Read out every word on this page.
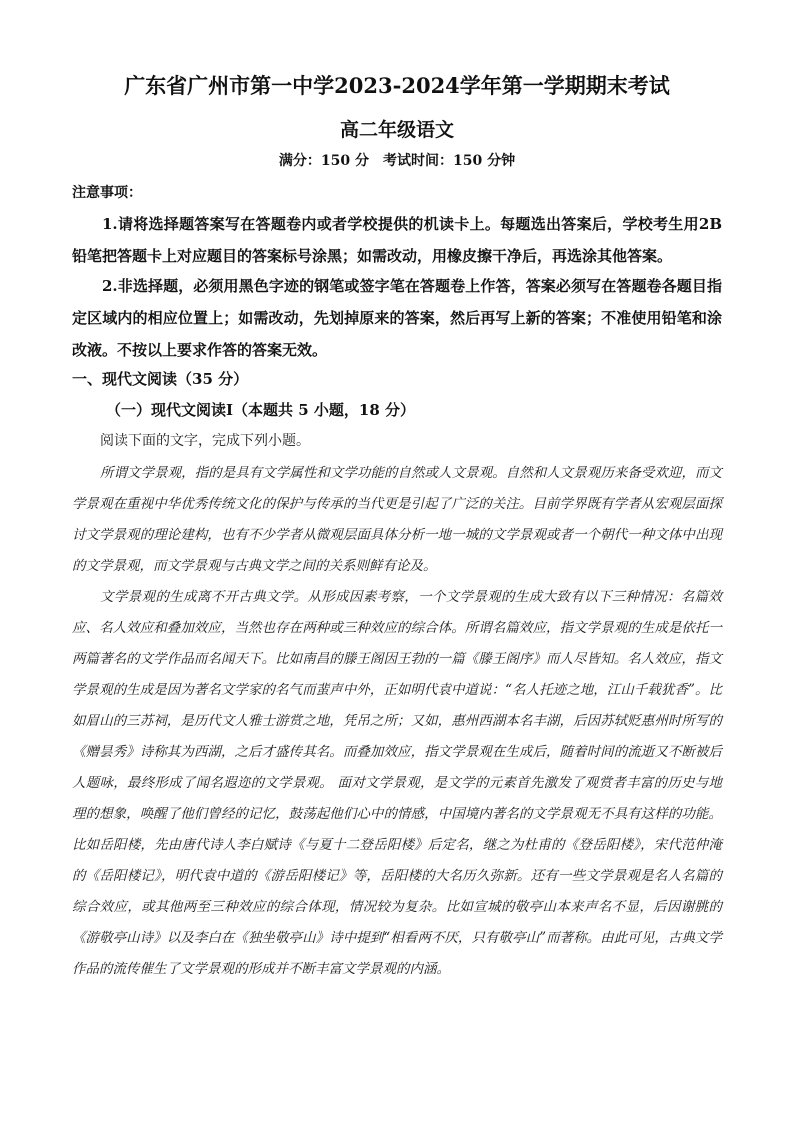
广东省广州市第一中学2023-2024学年第一学期期末考试
高二年级语文
满分：150 分　考试时间：150 分钟
注意事项：
1.请将选择题答案写在答题卷内或者学校提供的机读卡上。每题选出答案后，学校考生用2B铅笔把答题卡上对应题目的答案标号涂黑；如需改动，用橡皮擦干净后，再选涂其他答案。
2.非选择题，必须用黑色字迹的钢笔或签字笔在答题卷上作答，答案必须写在答题卷各题目指定区域内的相应位置上；如需改动，先划掉原来的答案，然后再写上新的答案；不准使用铅笔和涂改液。不按以上要求作答的答案无效。
一、现代文阅读（35 分）
（一）现代文阅读Ⅰ（本题共 5 小题，18 分）
阅读下面的文字，完成下列小题。
所谓文学景观，指的是具有文学属性和文学功能的自然或人文景观。自然和人文景观历来备受欢迎，而文学景观在重视中华优秀传统文化的保护与传承的当代更是引起了广泛的关注。目前学界既有学者从宏观层面探讨文学景观的理论建构，也有不少学者从微观层面具体分析一地一城的文学景观或者一个朝代一种文体中出现的文学景观，而文学景观与古典文学之间的关系则鲜有论及。
文学景观的生成离不开古典文学。从形成因素考察，一个文学景观的生成大致有以下三种情况：名篇效应、名人效应和叠加效应，当然也存在两种或三种效应的综合体。所谓名篇效应，指文学景观的生成是依托一两篇著名的文学作品而名闻天下。比如南昌的滕王阁因王勃的一篇《滕王阁序》而人尽皆知。名人效应，指文学景观的生成是因为著名文学家的名气而蜚声中外，正如明代袁中道说：“名人托迹之地，江山千载犹香”。比如眉山的三苏祠，是历代文人雅士游赏之地，凭吊之所；又如，惠州西湖本名丰湖，后因苏轼贬惠州时所写的《赠昙秀》诗称其为西湖，之后才盛传其名。而叠加效应，指文学景观在生成后，随着时间的流逝又不断被后人题咏，最终形成了闻名遐迩的文学景观。 面对文学景观，是文学的元素首先激发了观赏者丰富的历史与地理的想象，唤醒了他们曾经的记忆，鼓荡起他们心中的情感，中国境内著名的文学景观无不具有这样的功能。比如岳阳楼，先由唐代诗人李白赋诗《与夏十二登岳阳楼》后定名，继之为杜甫的《登岳阳楼》，宋代范仲淹的《岳阳楼记》，明代袁中道的《游岳阳楼记》等，岳阳楼的大名历久弥新。还有一些文学景观是名人名篇的综合效应，或其他两至三种效应的综合体现，情况较为复杂。比如宣城的敬亭山本来声名不显，后因谢朓的《游敬亭山诗》以及李白在《独坐敬亭山》诗中提到“相看两不厌，只有敬亭山”而著称。由此可见，古典文学作品的流传催生了文学景观的形成并不断丰富文学景观的内涵。
